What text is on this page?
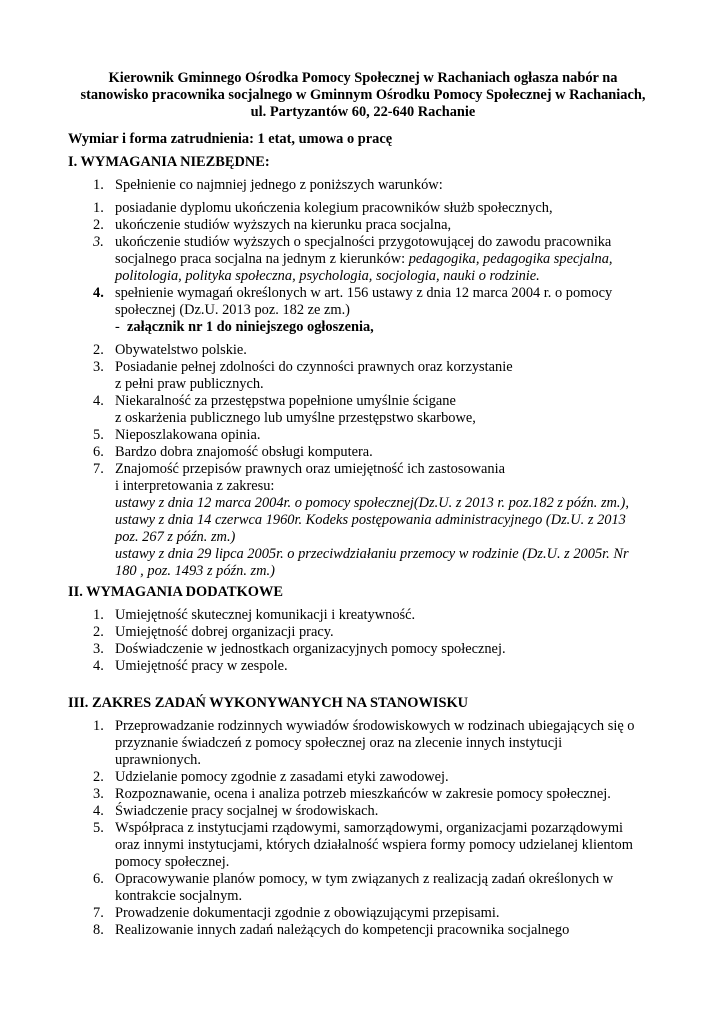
Kierownik Gminnego Ośrodka Pomocy Społecznej w Rachaniach ogłasza nabór na
stanowisko pracownika socjalnego w Gminnym Ośrodku Pomocy Społecznej w Rachaniach,
ul. Partyzantów 60, 22-640 Rachanie
Wymiar i forma zatrudnienia: 1 etat, umowa o pracę
I. WYMAGANIA NIEZBĘDNE:
1. Spełnienie co najmniej jednego z poniższych warunków:
1. posiadanie dyplomu ukończenia kolegium pracowników służb społecznych,
2. ukończenie studiów wyższych na kierunku praca socjalna,
3. ukończenie studiów wyższych o specjalności przygotowującej do zawodu pracownika
socjalnego praca socjalna na jednym z kierunków: pedagogika, pedagogika specjalna,
politologia, polityka społeczna, psychologia, socjologia, nauki o rodzinie.
4. spełnienie wymagań określonych w art. 156 ustawy z dnia 12 marca 2004 r. o pomocy
społecznej (Dz.U. 2013 poz. 182 ze zm.)
-  załącznik nr 1 do niniejszego ogłoszenia,
2. Obywatelstwo polskie.
3. Posiadanie pełnej zdolności do czynności prawnych oraz korzystanie
z pełni praw publicznych.
4. Niekaralność za przestępstwa popełnione umyślnie ścigane
z oskarżenia publicznego lub umyślne przestępstwo skarbowe,
5. Nieposzlakowana opinia.
6. Bardzo dobra znajomość obsługi komputera.
7. Znajomość przepisów prawnych oraz umiejętność ich zastosowania
i interpretowania z zakresu:
ustawy z dnia 12 marca 2004r. o pomocy społecznej(Dz.U. z 2013 r. poz.182 z późn. zm.),
ustawy z dnia 14 czerwca 1960r. Kodeks postępowania administracyjnego (Dz.U. z 2013
poz. 267 z późn. zm.)
ustawy z dnia 29 lipca 2005r. o przeciwdziałaniu przemocy w rodzinie (Dz.U. z 2005r. Nr
180 , poz. 1493 z późn. zm.)
II. WYMAGANIA DODATKOWE
1. Umiejętność skutecznej komunikacji i kreatywność.
2. Umiejętność dobrej organizacji pracy.
3. Doświadczenie w jednostkach organizacyjnych pomocy społecznej.
4. Umiejętność pracy w zespole.
III. ZAKRES ZADAŃ WYKONYWANYCH NA STANOWISKU
1. Przeprowadzanie rodzinnych wywiadów środowiskowych w rodzinach ubiegających się o
przyznanie świadczeń z pomocy społecznej oraz na zlecenie innych instytucji
uprawnionych.
2. Udzielanie pomocy zgodnie z zasadami etyki zawodowej.
3. Rozpoznawanie, ocena i analiza potrzeb mieszkańców w zakresie pomocy społecznej.
4. Świadczenie pracy socjalnej w środowiskach.
5. Współpraca z instytucjami rządowymi, samorządowymi, organizacjami pozarządowymi
oraz innymi instytucjami, których działalność wspiera formy pomocy udzielanej klientom
pomocy społecznej.
6. Opracowywanie planów pomocy, w tym związanych z realizacją zadań określonych w
kontrakcie socjalnym.
7. Prowadzenie dokumentacji zgodnie z obowiązującymi przepisami.
8. Realizowanie innych zadań należących do kompetencji pracownika socjalnego
